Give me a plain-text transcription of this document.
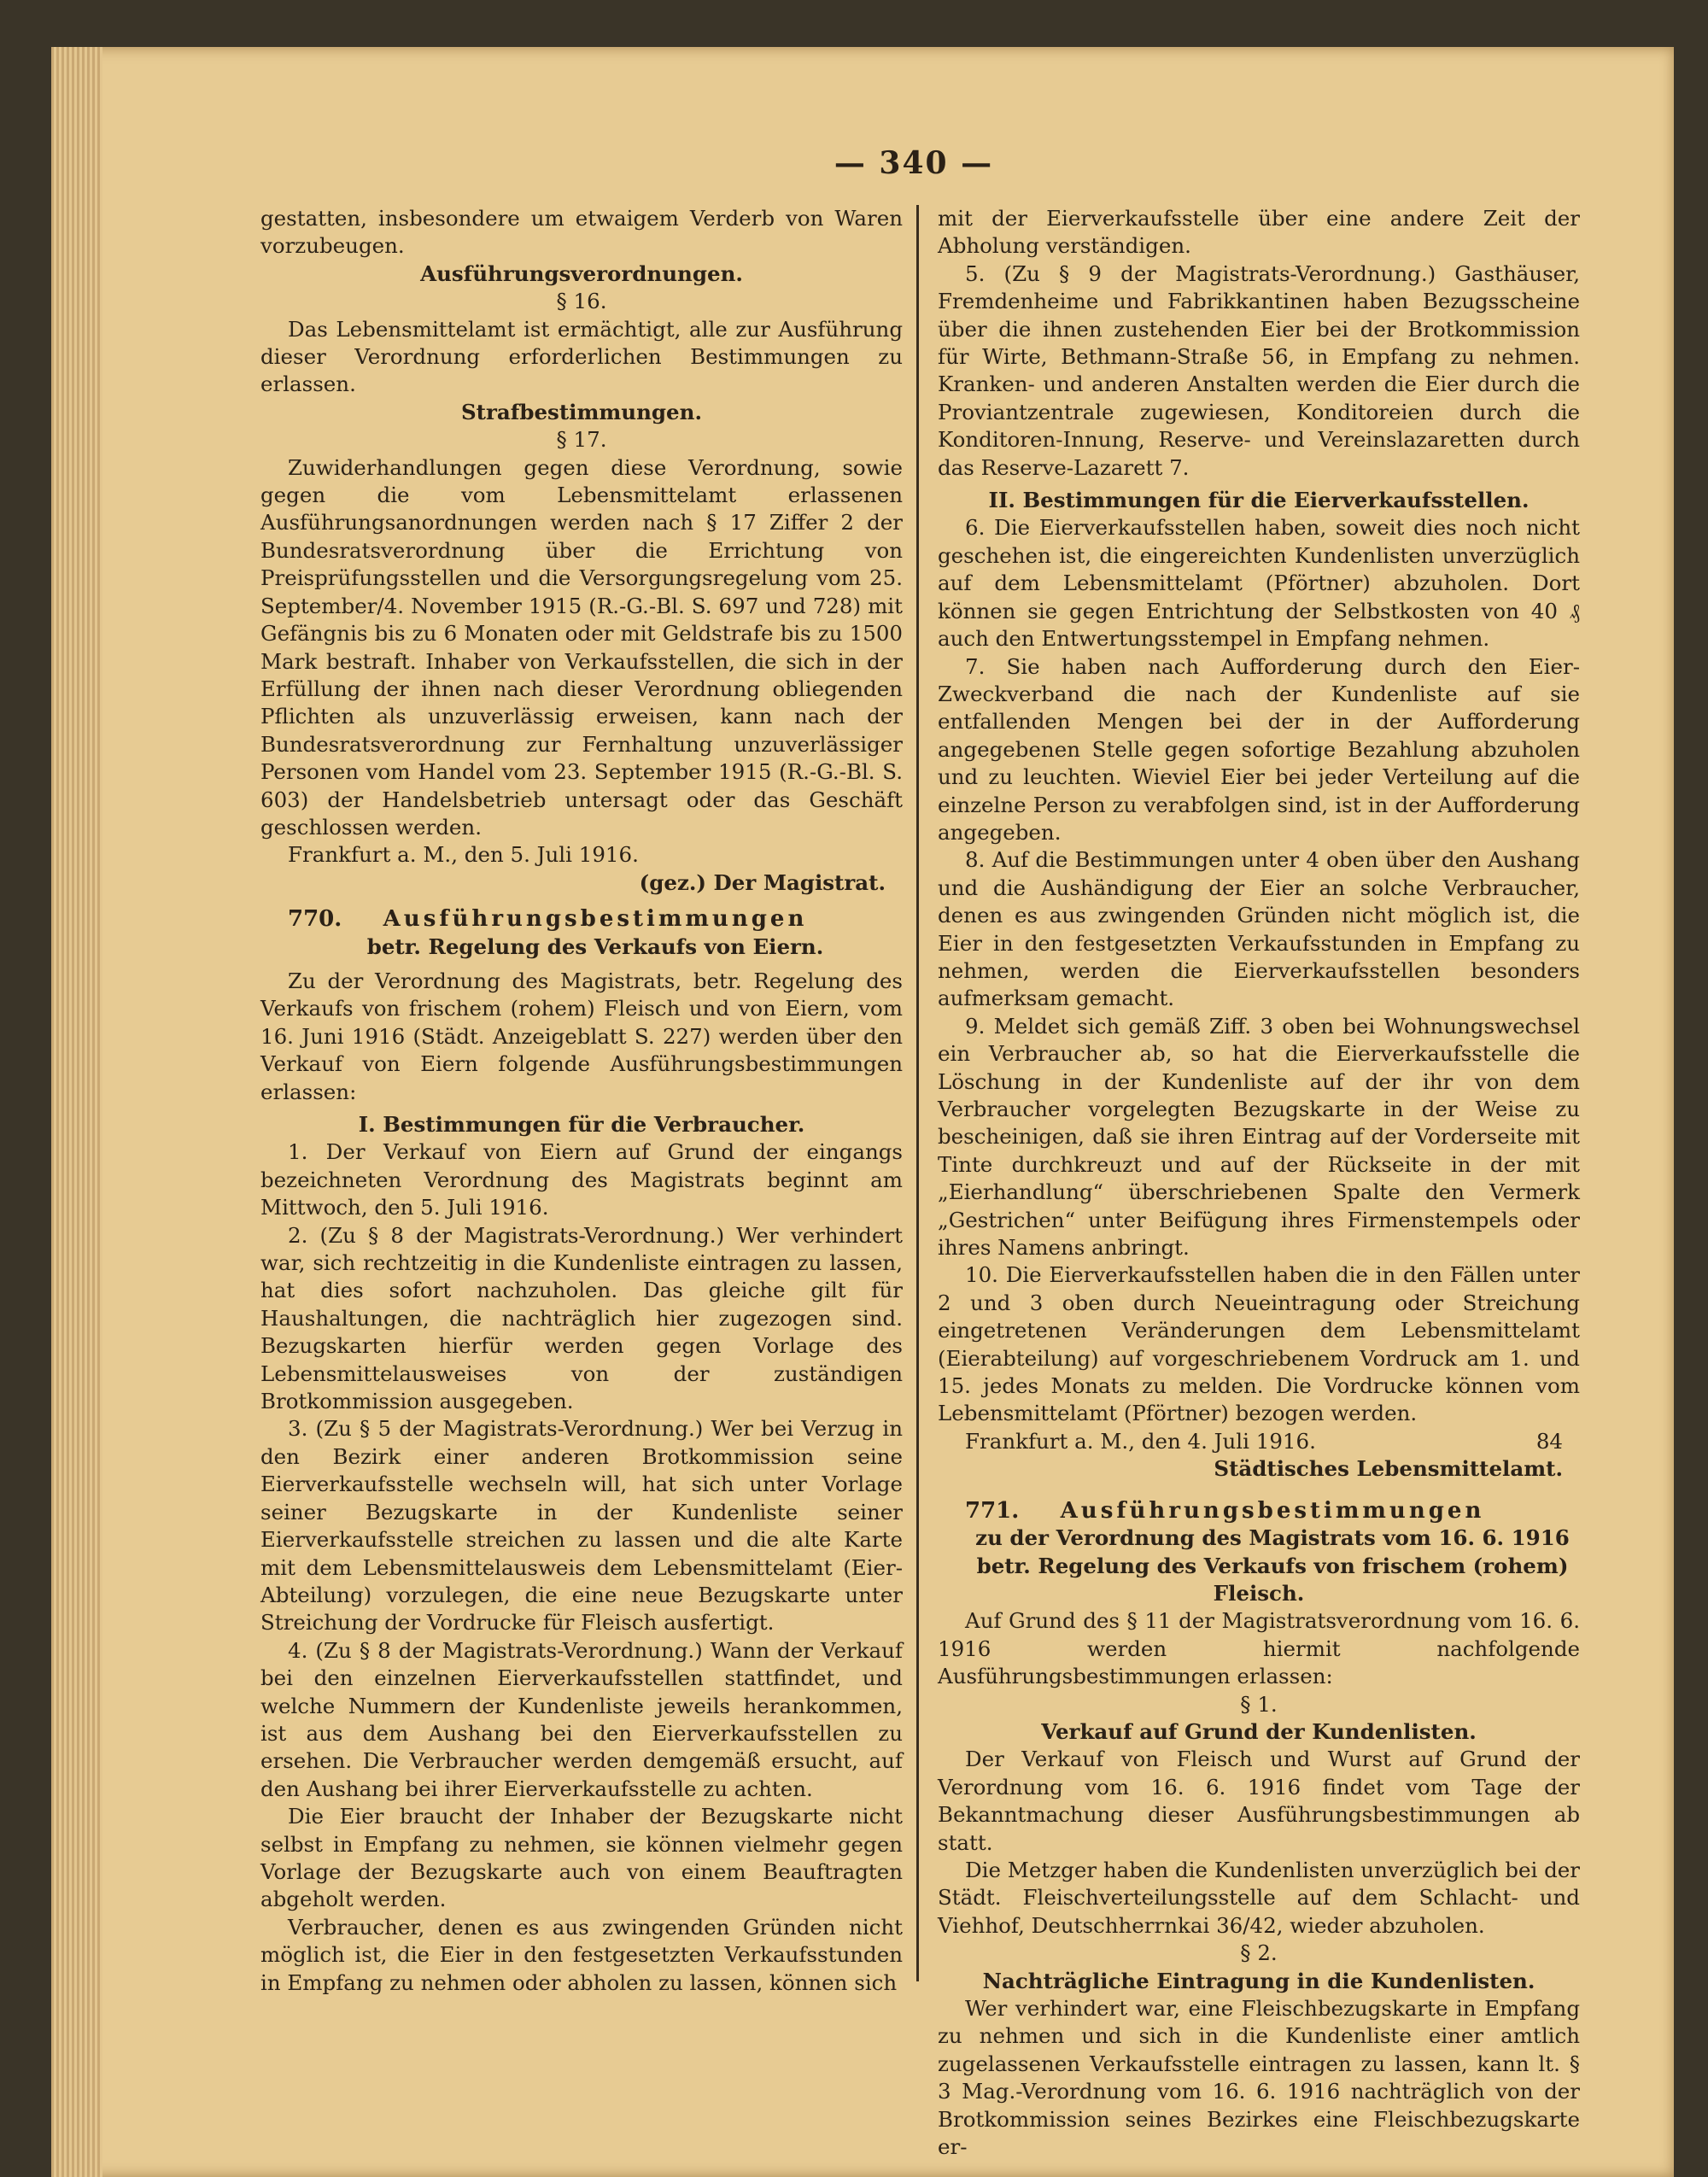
— 340 —

gestatten, insbesondere um etwaigem Verderb von Waren vorzubeugen.

Ausführungsverordnungen.

§ 16.

Das Lebensmittelamt ist ermächtigt, alle zur Ausführung dieser Verordnung erforderlichen Bestimmungen zu erlassen.

Strafbestimmungen.

§ 17.

Zuwiderhandlungen gegen diese Verordnung, sowie gegen die vom Lebensmittelamt erlassenen Ausführungsanordnungen werden nach § 17 Ziffer 2 der Bundesratsverordnung über die Errichtung von Preisprüfungsstellen und die Versorgungsregelung vom 25. September/4. November 1915 (R.-G.-Bl. S. 697 und 728) mit Gefängnis bis zu 6 Monaten oder mit Geldstrafe bis zu 1500 Mark bestraft. Inhaber von Verkaufsstellen, die sich in der Erfüllung der ihnen nach dieser Verordnung obliegenden Pflichten als unzuverlässig erweisen, kann nach der Bundesratsverordnung zur Fernhaltung unzuverlässiger Personen vom Handel vom 23. September 1915 (R.-G.-Bl. S. 603) der Handelsbetrieb untersagt oder das Geschäft geschlossen werden.

Frankfurt a. M., den 5. Juli 1916.

(gez.) Der Magistrat.

770. Ausführungsbestimmungen

betr. Regelung des Verkaufs von Eiern.

Zu der Verordnung des Magistrats, betr. Regelung des Verkaufs von frischem (rohem) Fleisch und von Eiern, vom 16. Juni 1916 (Städt. Anzeigeblatt S. 227) werden über den Verkauf von Eiern folgende Ausführungsbestimmungen erlassen:

I. Bestimmungen für die Verbraucher.

1. Der Verkauf von Eiern auf Grund der eingangs bezeichneten Verordnung des Magistrats beginnt am Mittwoch, den 5. Juli 1916.

2. (Zu § 8 der Magistrats-Verordnung.) Wer verhindert war, sich rechtzeitig in die Kundenliste eintragen zu lassen, hat dies sofort nachzuholen. Das gleiche gilt für Haushaltungen, die nachträglich hier zugezogen sind. Bezugskarten hierfür werden gegen Vorlage des Lebensmittelausweises von der zuständigen Brotkommission ausgegeben.

3. (Zu § 5 der Magistrats-Verordnung.) Wer bei Verzug in den Bezirk einer anderen Brotkommission seine Eierverkaufsstelle wechseln will, hat sich unter Vorlage seiner Bezugskarte in der Kundenliste seiner Eierverkaufsstelle streichen zu lassen und die alte Karte mit dem Lebensmittelausweis dem Lebensmittelamt (Eier-Abteilung) vorzulegen, die eine neue Bezugskarte unter Streichung der Vordrucke für Fleisch ausfertigt.

4. (Zu § 8 der Magistrats-Verordnung.) Wann der Verkauf bei den einzelnen Eierverkaufsstellen stattfindet, und welche Nummern der Kundenliste jeweils herankommen, ist aus dem Aushang bei den Eierverkaufsstellen zu ersehen. Die Verbraucher werden demgemäß ersucht, auf den Aushang bei ihrer Eierverkaufsstelle zu achten.

Die Eier braucht der Inhaber der Bezugskarte nicht selbst in Empfang zu nehmen, sie können vielmehr gegen Vorlage der Bezugskarte auch von einem Beauftragten abgeholt werden.

Verbraucher, denen es aus zwingenden Gründen nicht möglich ist, die Eier in den festgesetzten Verkaufsstunden in Empfang zu nehmen oder abholen zu lassen, können sich

mit der Eierverkaufsstelle über eine andere Zeit der Abholung verständigen.

5. (Zu § 9 der Magistrats-Verordnung.) Gasthäuser, Fremdenheime und Fabrikkantinen haben Bezugsscheine über die ihnen zustehenden Eier bei der Brotkommission für Wirte, Bethmann-Straße 56, in Empfang zu nehmen. Kranken- und anderen Anstalten werden die Eier durch die Proviantzentrale zugewiesen, Konditoreien durch die Konditoren-Innung, Reserve- und Vereinslazaretten durch das Reserve-Lazarett 7.

II. Bestimmungen für die Eierverkaufsstellen.

6. Die Eierverkaufsstellen haben, soweit dies noch nicht geschehen ist, die eingereichten Kundenlisten unverzüglich auf dem Lebensmittelamt (Pförtner) abzuholen. Dort können sie gegen Entrichtung der Selbstkosten von 40 ₰ auch den Entwertungsstempel in Empfang nehmen.

7. Sie haben nach Aufforderung durch den Eier-Zweckverband die nach der Kundenliste auf sie entfallenden Mengen bei der in der Aufforderung angegebenen Stelle gegen sofortige Bezahlung abzuholen und zu leuchten. Wieviel Eier bei jeder Verteilung auf die einzelne Person zu verabfolgen sind, ist in der Aufforderung angegeben.

8. Auf die Bestimmungen unter 4 oben über den Aushang und die Aushändigung der Eier an solche Verbraucher, denen es aus zwingenden Gründen nicht möglich ist, die Eier in den festgesetzten Verkaufsstunden in Empfang zu nehmen, werden die Eierverkaufsstellen besonders aufmerksam gemacht.

9. Meldet sich gemäß Ziff. 3 oben bei Wohnungswechsel ein Verbraucher ab, so hat die Eierverkaufsstelle die Löschung in der Kundenliste auf der ihr von dem Verbraucher vorgelegten Bezugskarte in der Weise zu bescheinigen, daß sie ihren Eintrag auf der Vorderseite mit Tinte durchkreuzt und auf der Rückseite in der mit „Eierhandlung“ überschriebenen Spalte den Vermerk „Gestrichen“ unter Beifügung ihres Firmenstempels oder ihres Namens anbringt.

10. Die Eierverkaufsstellen haben die in den Fällen unter 2 und 3 oben durch Neueintragung oder Streichung eingetretenen Veränderungen dem Lebensmittelamt (Eierabteilung) auf vorgeschriebenem Vordruck am 1. und 15. jedes Monats zu melden. Die Vordrucke können vom Lebensmittelamt (Pförtner) bezogen werden.

Frankfurt a. M., den 4. Juli 1916.	84

Städtisches Lebensmittelamt.

771. Ausführungsbestimmungen

zu der Verordnung des Magistrats vom 16. 6. 1916

betr. Regelung des Verkaufs von frischem (rohem) Fleisch.

Auf Grund des § 11 der Magistratsverordnung vom 16. 6. 1916 werden hiermit nachfolgende Ausführungsbestimmungen erlassen:

§ 1.

Verkauf auf Grund der Kundenlisten.

Der Verkauf von Fleisch und Wurst auf Grund der Verordnung vom 16. 6. 1916 findet vom Tage der Bekanntmachung dieser Ausführungsbestimmungen ab statt.

Die Metzger haben die Kundenlisten unverzüglich bei der Städt. Fleischverteilungsstelle auf dem Schlacht- und Viehhof, Deutschherrnkai 36/42, wieder abzuholen.

§ 2.

Nachträgliche Eintragung in die Kundenlisten.

Wer verhindert war, eine Fleischbezugskarte in Empfang zu nehmen und sich in die Kundenliste einer amtlich zugelassenen Verkaufsstelle eintragen zu lassen, kann lt. § 3 Mag.-Verordnung vom 16. 6. 1916 nachträglich von der Brotkommission seines Bezirkes eine Fleischbezugskarte er-
